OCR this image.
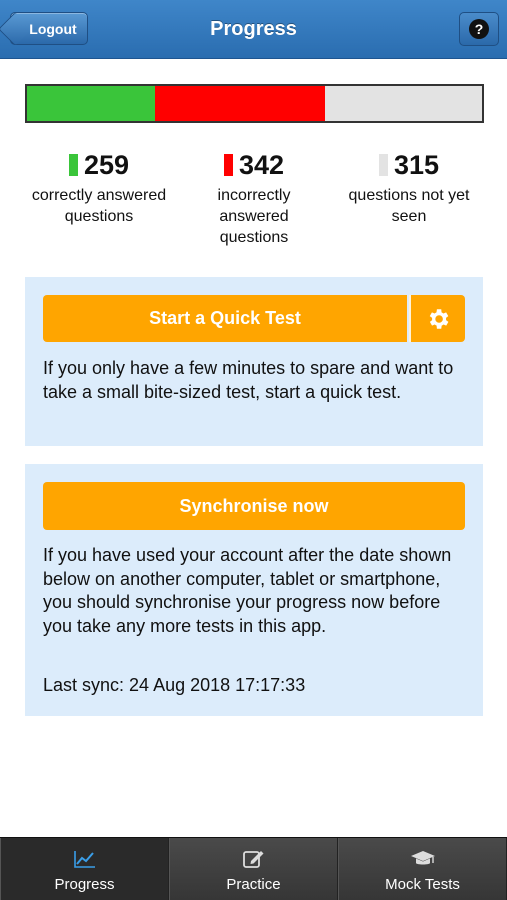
Progress
Logout	?
259
correctly answered questions
342
incorrectly answered questions
315
questions not yet seen
Start a Quick Test
If you only have a few minutes to spare and want to take a small bite-sized test, start a quick test.
Synchronise now
If you have used your account after the date shown below on another computer, tablet or smartphone, you should synchronise your progress now before you take any more tests in this app.
Last sync: 24 Aug 2018 17:17:33
Progress	Practice	Mock Tests
